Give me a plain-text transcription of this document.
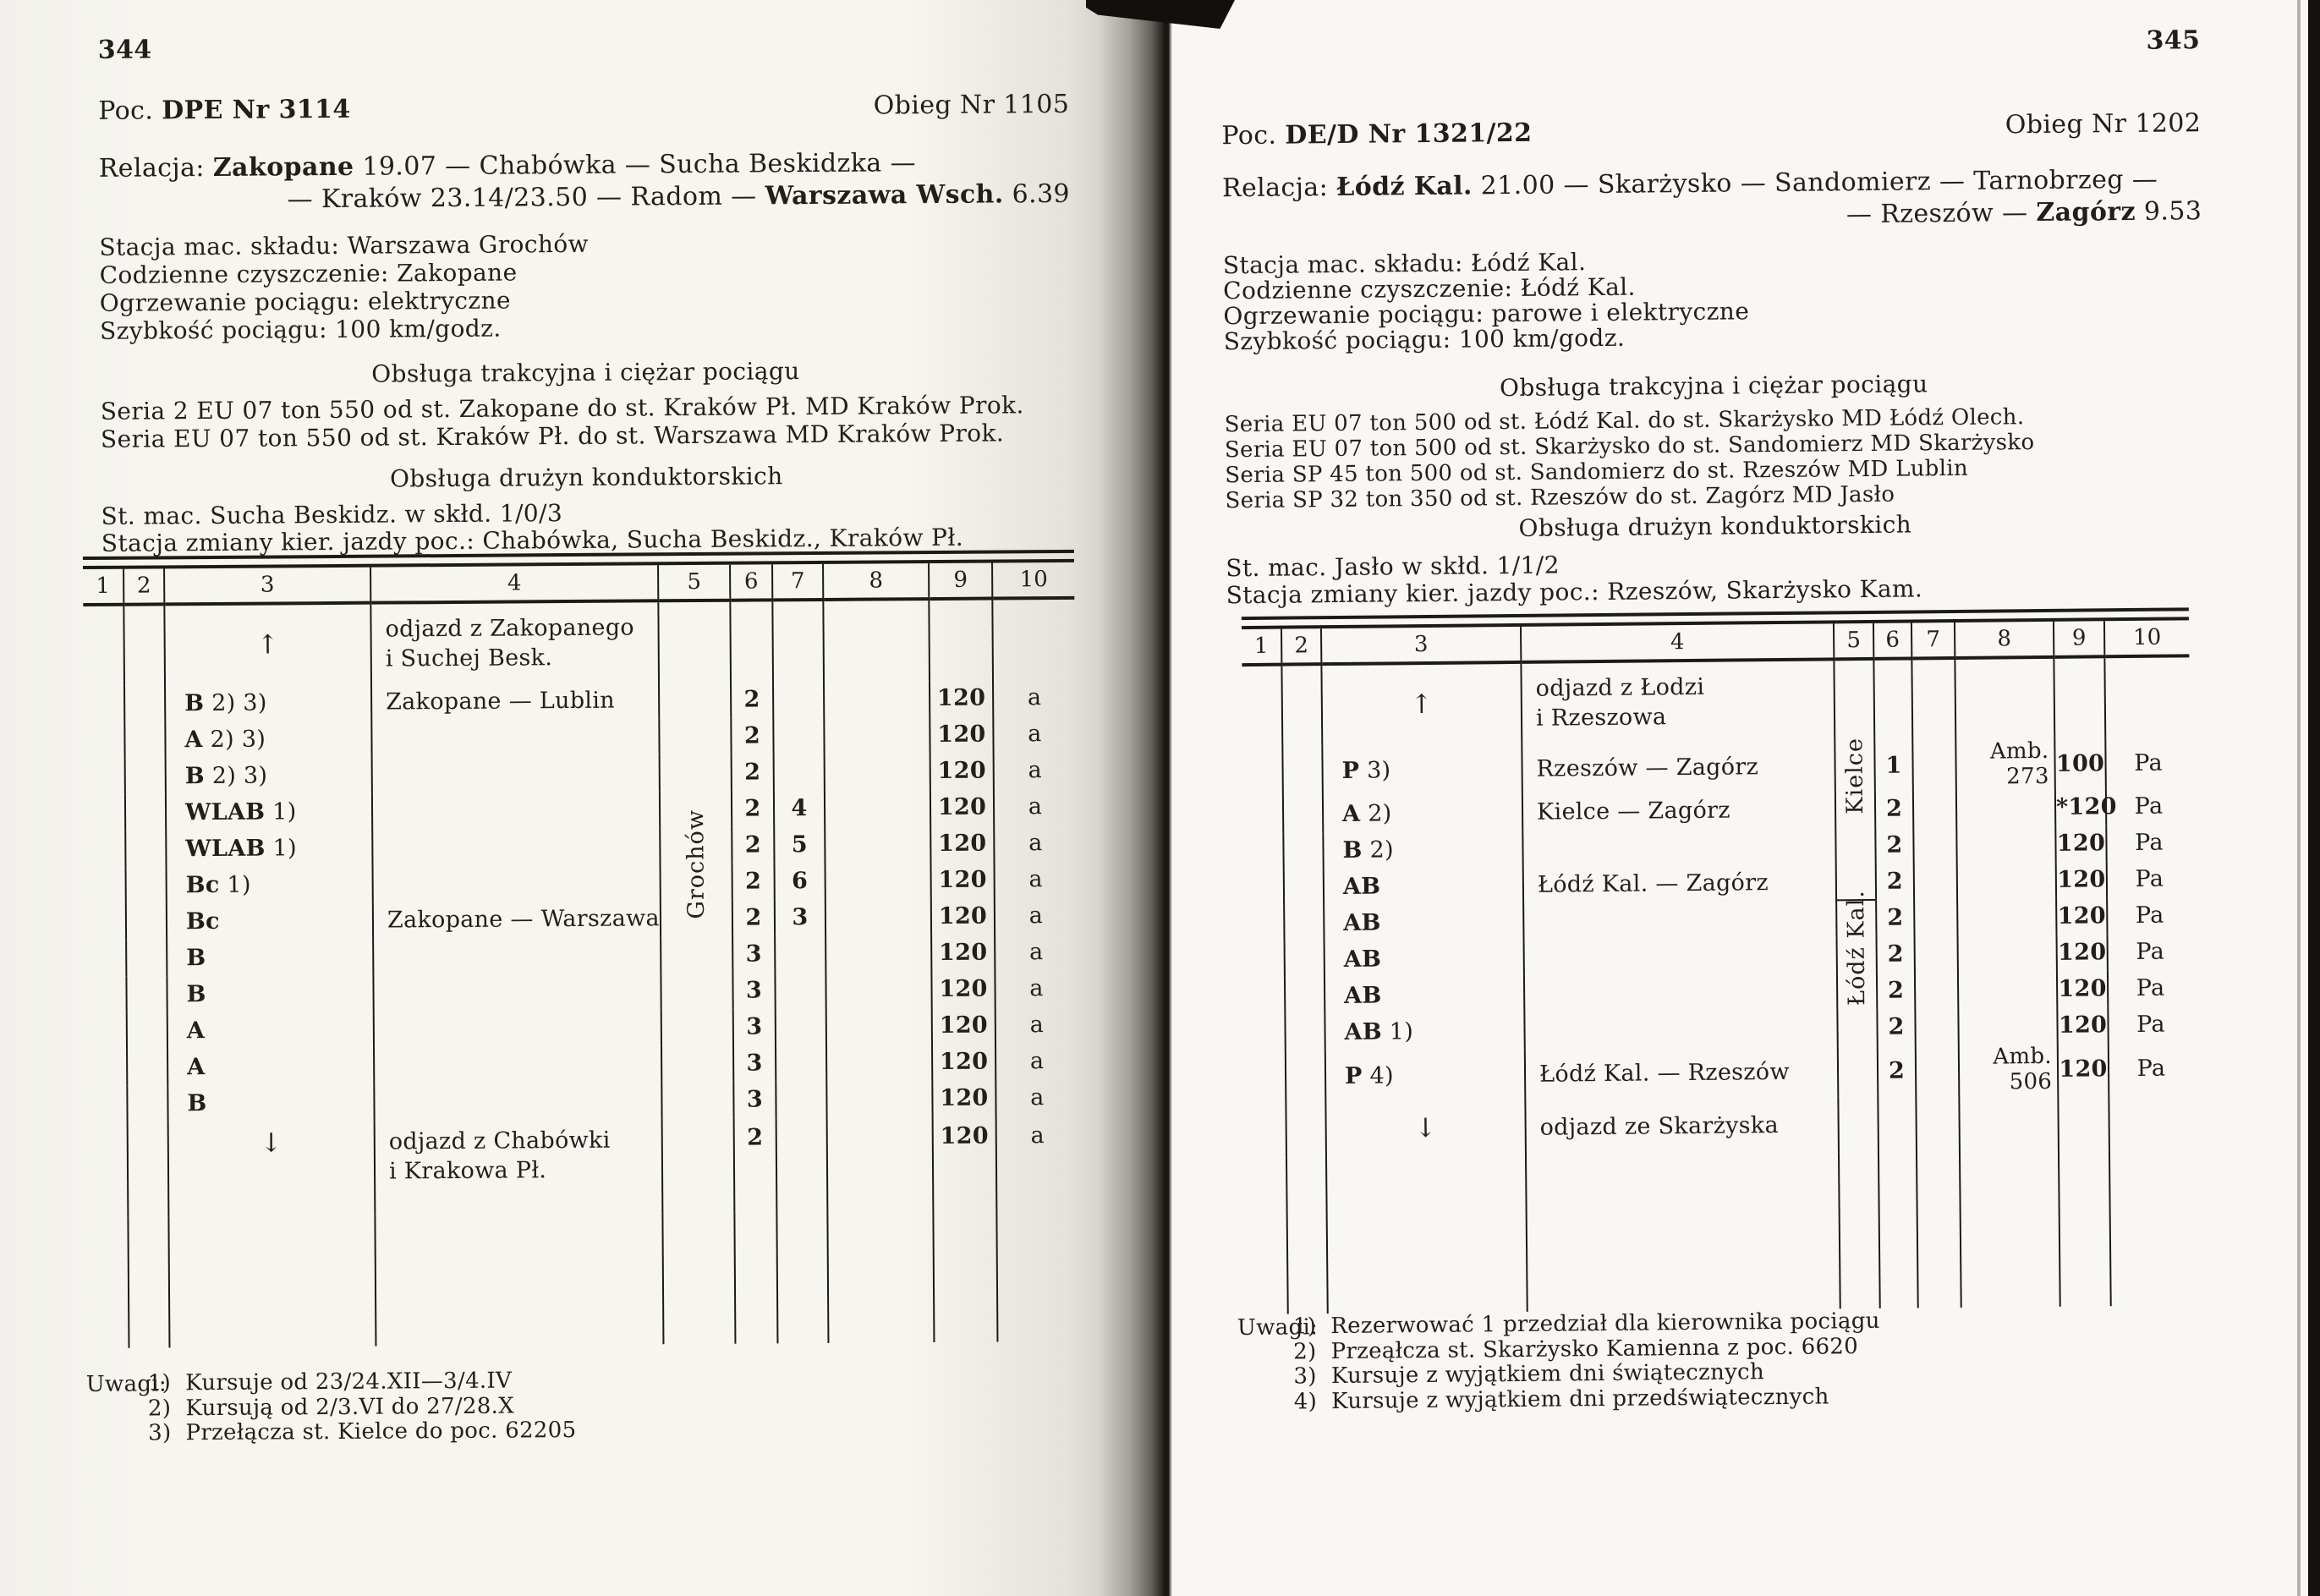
344
Poc. DPE Nr 3114	Obieg Nr 1105
Relacja: Zakopane 19.07 — Chabówka — Sucha Beskidzka —
— Kraków 23.14/23.50 — Radom — Warszawa Wsch. 6.39
Stacja mac. składu: Warszawa Grochów
Codzienne czyszczenie: Zakopane
Ogrzewanie pociągu: elektryczne
Szybkość pociągu: 100 km/godz.
Obsługa trakcyjna i ciężar pociągu
Seria 2 EU 07 ton 550 od st. Zakopane do st. Kraków Pł. MD Kraków Prok.
Seria EU 07 ton 550 od st. Kraków Pł. do st. Warszawa MD Kraków Prok.
Obsługa drużyn konduktorskich
St. mac. Sucha Beskidz. w skłd. 1/0/3
Stacja zmiany kier. jazdy poc.: Chabówka, Sucha Beskidz., Kraków Pł.
1	2	3	4	5	6	7	8	9	10
		↑	odjazd z Zakopanego
i Suchej Besk.						

		B 2) 3)	Zakopane — Lublin	Grochów	2			120	a
		A 2) 3)			2			120	a
		B 2) 3)			2			120	a
		WLAB 1)			2	4		120	a
		WLAB 1)			2	5		120	a
		Bc 1)			2	6		120	a
		Bc	Zakopane — Warszawa		2	3		120	a
		B			3			120	a
		B			3			120	a
		A			3			120	a
		A			3			120	a
		B			3			120	a
		↓	odjazd z Chabówki
i Krakowa Pł.		2			120	a

Uwagi:
1)  Kursuje od 23/24.XII—3/4.IV
2)  Kursują od 2/3.VI do 27/28.X
3)  Przełącza st. Kielce do poc. 62205
345
Poc. DE/D Nr 1321/22	Obieg Nr 1202
Relacja: Łódź Kal. 21.00 — Skarżysko — Sandomierz — Tarnobrzeg —
— Rzeszów — Zagórz 9.53
Stacja mac. składu: Łódź Kal.
Codzienne czyszczenie: Łódź Kal.
Ogrzewanie pociągu: parowe i elektryczne
Szybkość pociągu: 100 km/godz.
Obsługa trakcyjna i ciężar pociągu
Seria EU 07 ton 500 od st. Łódź Kal. do st. Skarżysko MD Łódź Olech.
Seria EU 07 ton 500 od st. Skarżysko do st. Sandomierz MD Skarżysko
Seria SP 45 ton 500 od st. Sandomierz do st. Rzeszów MD Lublin
Seria SP 32 ton 350 od st. Rzeszów do st. Zagórz MD Jasło
Obsługa drużyn konduktorskich
St. mac. Jasło w skłd. 1/1/2
Stacja zmiany kier. jazdy poc.: Rzeszów, Skarżysko Kam.
1	2	3	4	5	6	7	8	9	10
		↑	odjazd z Łodzi
i Rzeszowa						

		P 3)	Rzeszów — Zagórz	Kielce	1		Amb. 273	100	Pa
		A 2)	Kielce — Zagórz		2			*120	Pa
		B 2)			2			120	Pa
		AB	Łódź Kal. — Zagórz		2			120	Pa
		AB		Łódź Kal.	2			120	Pa
		AB			2			120	Pa
		AB			2			120	Pa
		AB 1)			2			120	Pa
		P 4)	Łódź Kal. — Rzeszów		2		Amb. 506	120	Pa
		↓	odjazd ze Skarżyska						

Uwagi:
1)  Rezerwować 1 przedział dla kierownika pociągu
2)  Przeąłcza st. Skarżysko Kamienna z poc. 6620
3)  Kursuje z wyjątkiem dni świątecznych
4)  Kursuje z wyjątkiem dni przedświątecznych
